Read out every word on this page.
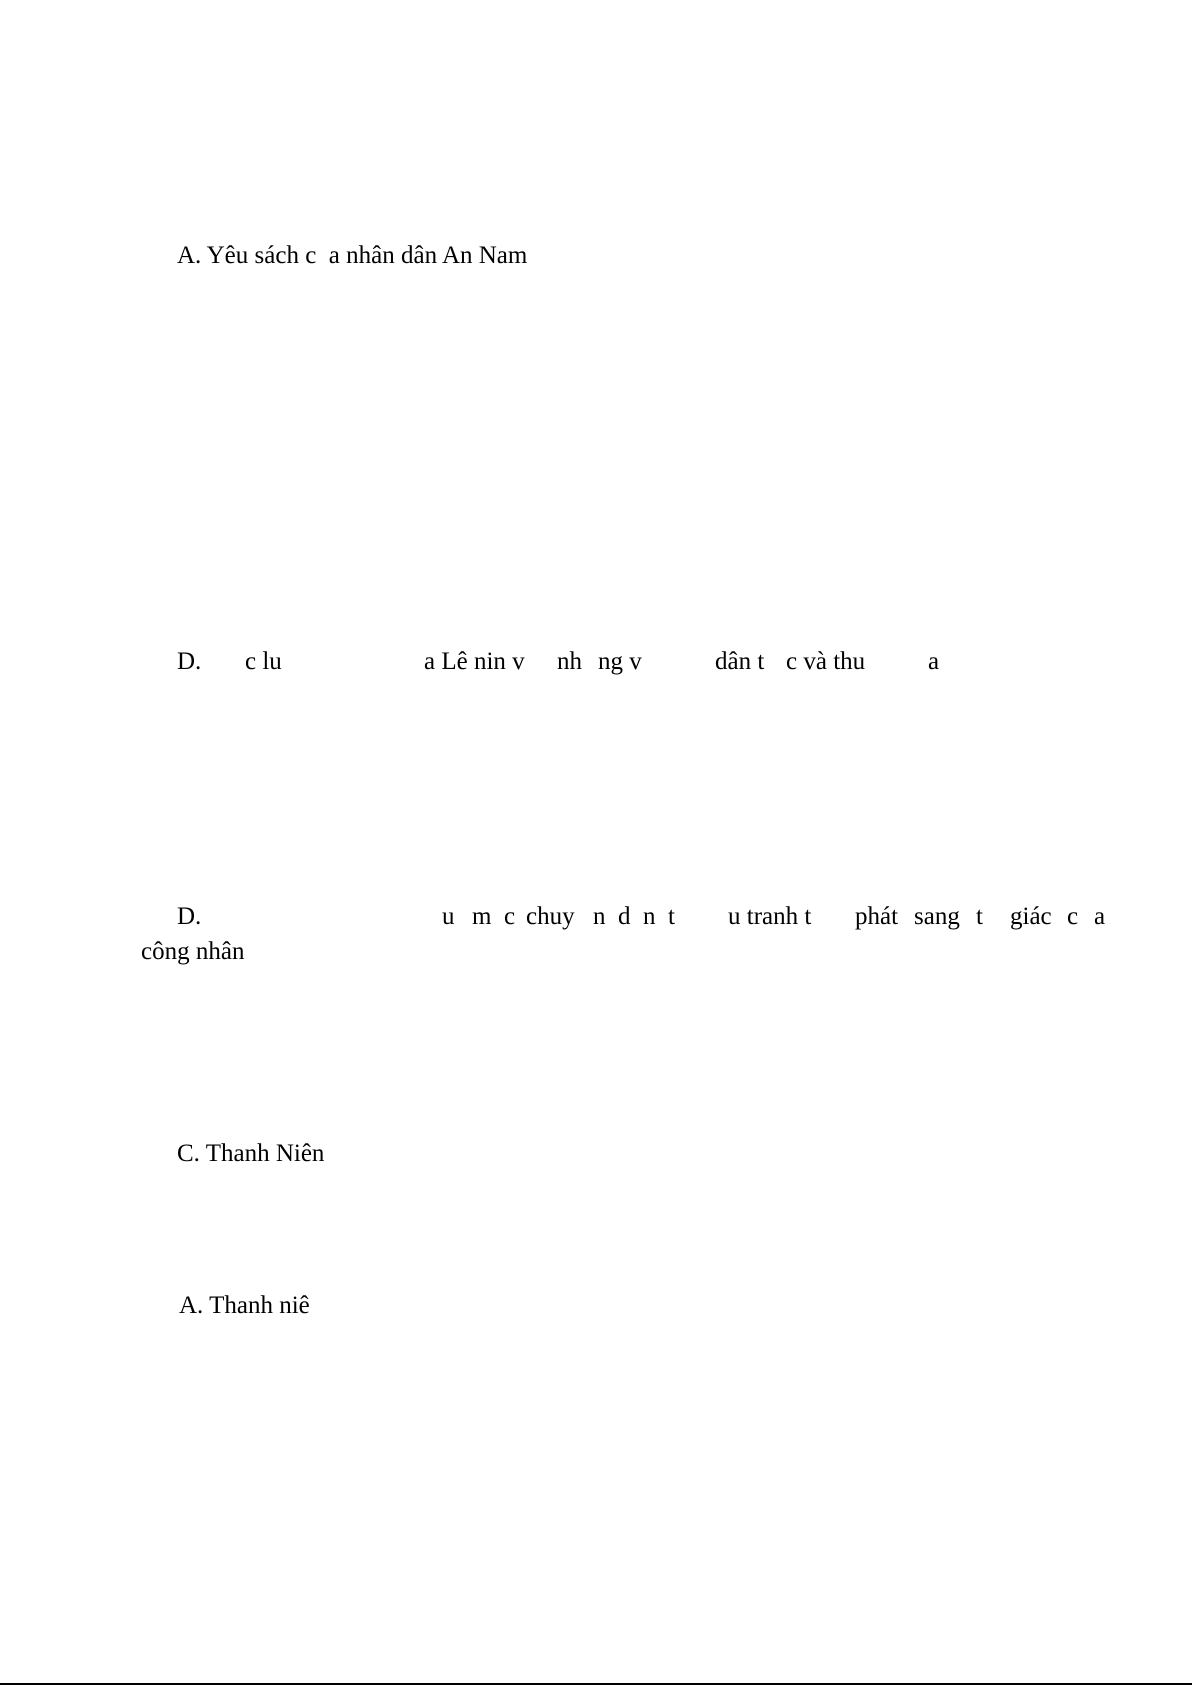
A. Yêu sách c  a nhân dân An Nam
D. c lu	a Lê nin v nh ng v	dân t c và thu	a
D.	u m c chuy n d n t u tranh t phát sang t giác c a
công nhân
C. Thanh Niên
A. Thanh niê
